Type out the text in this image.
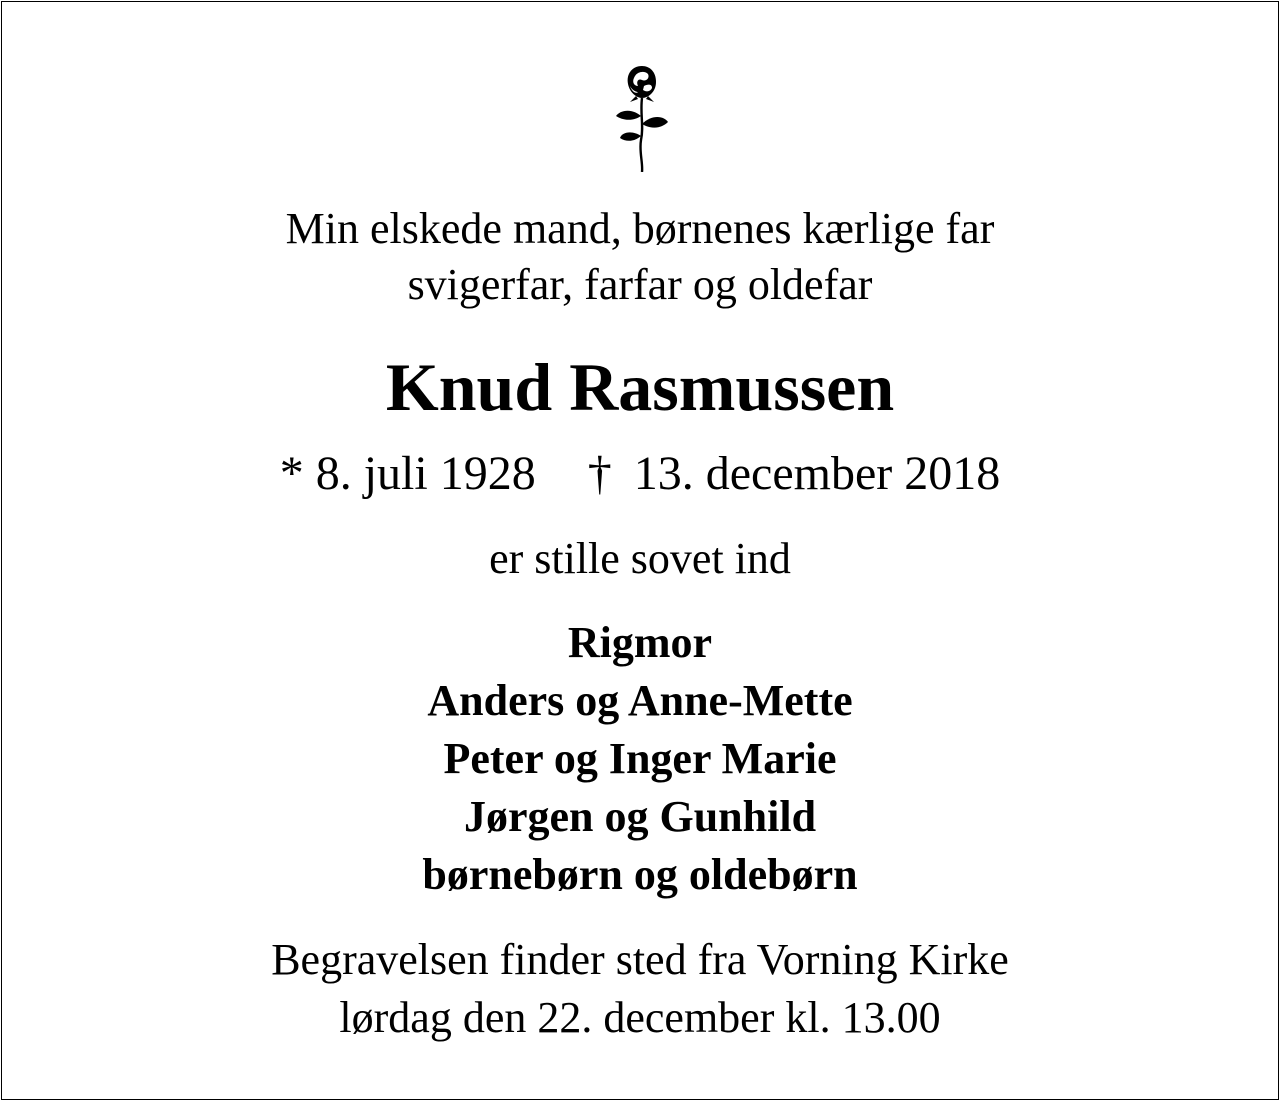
Min elskede mand, børnenes kærlige far
svigerfar, farfar og oldefar
Knud Rasmussen
* 8. juli 1928 † 13. december 2018
er stille sovet ind
Rigmor
Anders og Anne-Mette
Peter og Inger Marie
Jørgen og Gunhild
børnebørn og oldebørn
Begravelsen finder sted fra Vorning Kirke
lørdag den 22. december kl. 13.00
